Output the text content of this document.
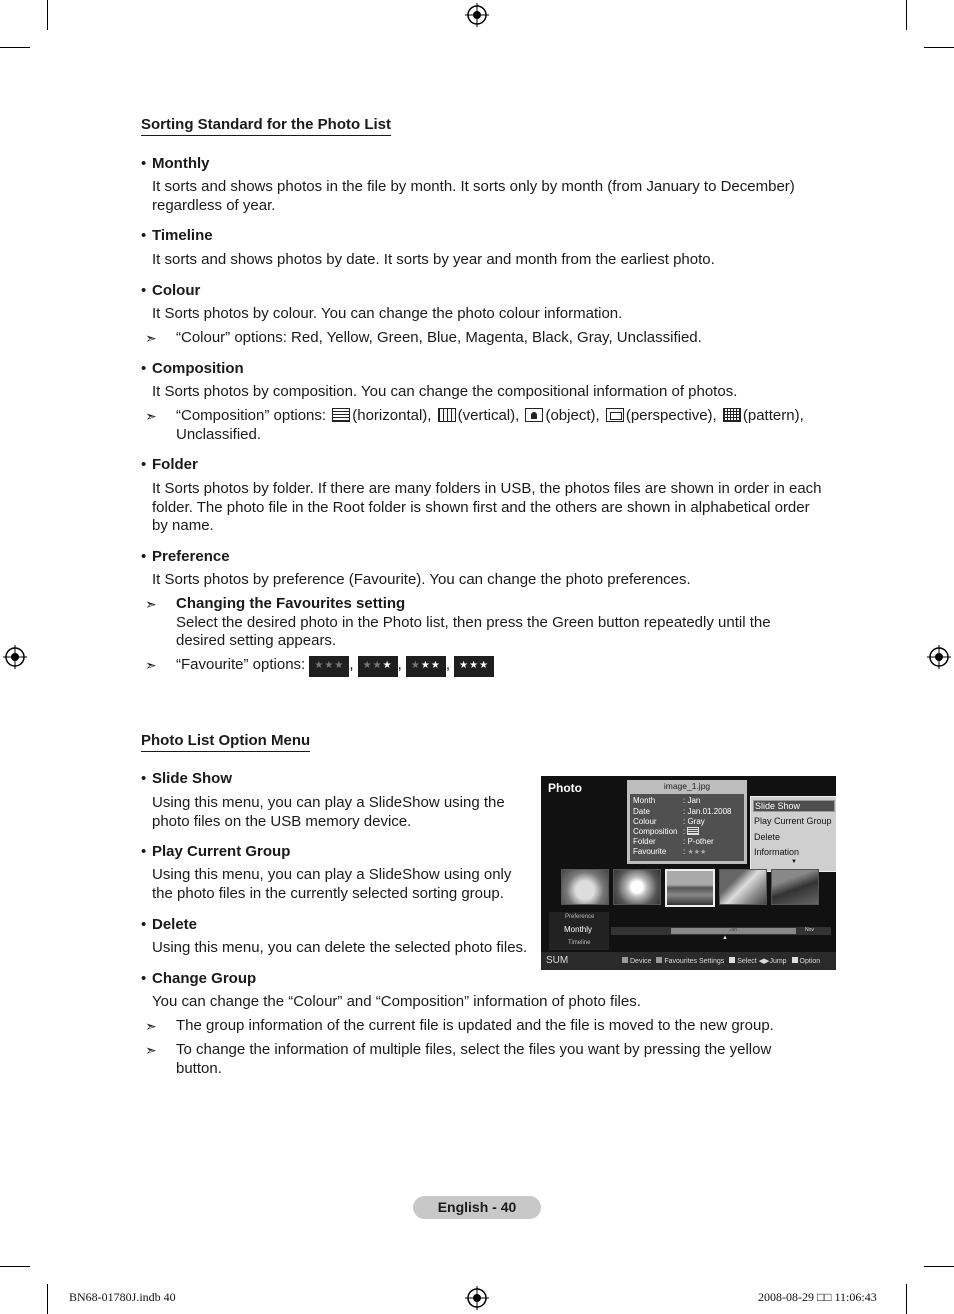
Sorting Standard for the Photo List
• Monthly
It sorts and shows photos in the file by month. It sorts only by month (from January to December) regardless of year.
• Timeline
It sorts and shows photos by date. It sorts by year and month from the earliest photo.
• Colour
It Sorts photos by colour. You can change the photo colour information.
➣	“Colour” options: Red, Yellow, Green, Blue, Magenta, Black, Gray, Unclassified.
• Composition
It Sorts photos by composition. You can change the compositional information of photos.
➣	“Composition” options: (horizontal), (vertical), (object), (perspective), (pattern), Unclassified.
• Folder
It Sorts photos by folder. If there are many folders in USB, the photos files are shown in order in each folder. The photo file in the Root folder is shown first and the others are shown in alphabetical order by name.
• Preference
It Sorts photos by preference (Favourite). You can change the photo preferences.
➣	Changing the Favourites setting
Select the desired photo in the Photo list, then press the Green button repeatedly until the desired setting appears.
➣	“Favourite” options: ★★★ , ★★★ , ★★★ , ★★★
Photo List Option Menu
• Slide Show
Using this menu, you can play a SlideShow using the photo files on the USB memory device.
• Play Current Group
Using this menu, you can play a SlideShow using only the photo files in the currently selected sorting group.
• Delete
Using this menu, you can delete the selected photo files.
• Change Group
You can change the “Colour” and “Composition” information of photo files.
➣	The group information of the current file is updated and the file is moved to the new group.
➣	To change the information of multiple files, select the files you want by pressing the yellow button.
Photo	image_1.jpg
Month	: Jan
Date	: Jan.01.2008
Colour	: Gray
Composition :
Folder	: P-other
Favourite : ★★★
Slide Show
Play Current Group
Delete
Information
▼
Preference
Monthly
Timeline
Jan	Nov
▲
SUM	Device Favourites Settings Select ◀▶Jump Option
English - 40
BN68-01780J.indb 40	2008-08-29 □□ 11:06:43
